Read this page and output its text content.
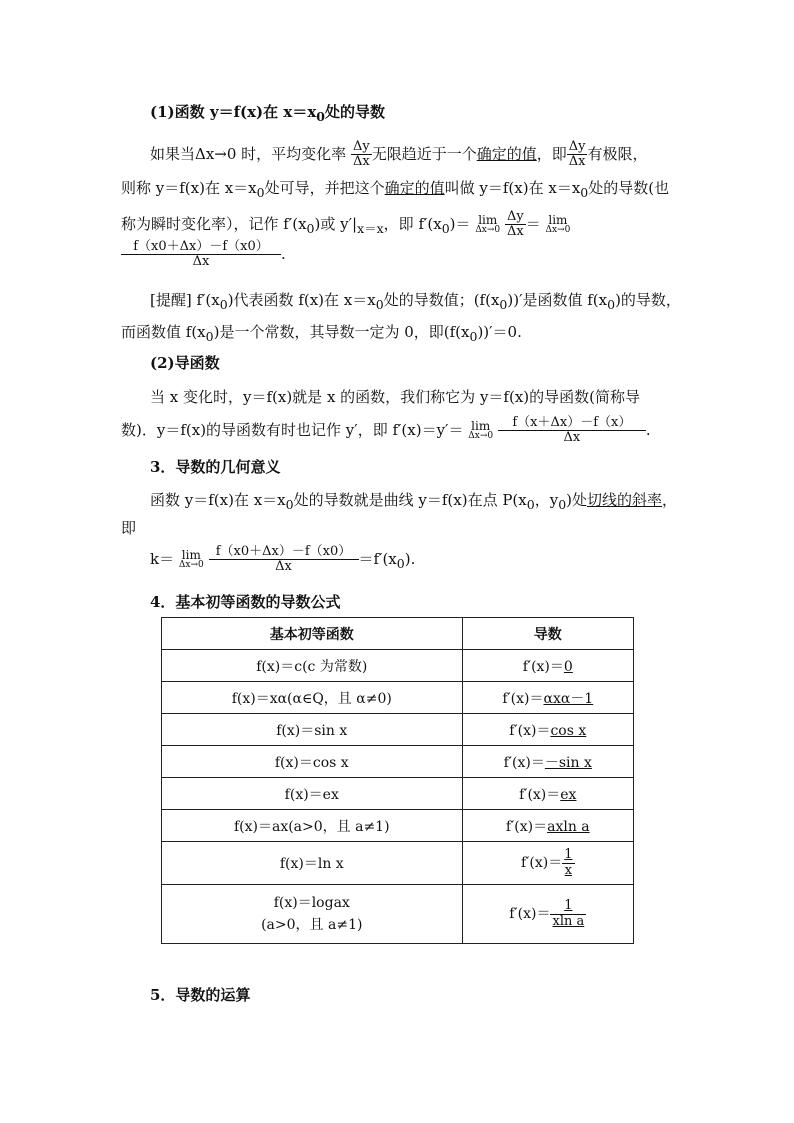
(1)函数 y＝f(x)在 $x=x_0$处的导数
如果当Δx→0 时，平均变化率 $\frac{\Delta y}{\Delta x}$ 无限趋近于一个确定的值，即 $\frac{\Delta y}{\Delta x}$ 有极限，
则称 y＝f(x)在 $x=x_0$处可导，并把这个确定的值叫做 y＝f(x)在 $x=x_0$处的导数(也
称为瞬时变化率），记作 $f'(x_0)$或 $y'|_{x=x}$，即 $f'(x_0)= \lim$
Δx→0
$\frac{\Delta y}{\Delta x} = \lim$
Δx→0
$\frac{f(x0+\Delta x)-f(x0)}{\Delta x}$ .
[提醒] $f'(x_0)$代表函数 f(x)在 $x=x_0$处的导数值；$(f(x_0))'$是函数值 $f(x_0)$的导数，
而函数值 $f(x_0)$是一个常数，其导数一定为 0，即$(f(x_0))'=0$.
(2)导函数
当 x 变化时，y＝f(x)就是 x 的函数，我们称它为 y＝f(x)的导函数(简称导
数)．y＝f(x)的导函数有时也记作 y′，即 f′(x)＝y′＝ lim
Δx→0
$\frac{f(x+\Delta x)-f(x)}{\Delta x}$ .
3．导数的几何意义
函数 y＝f(x)在 $x=x_0$处的导数就是曲线 y＝f(x)在点 $P(x_0$，$y_0$)处切线的斜率，
即
k＝ lim
Δx→0
$\frac{f(x0+\Delta x)-f(x0)}{\Delta x} =f'(x_0)$.
4．基本初等函数的导数公式
基本初等函数	导数
f(x)＝c(c 为常数)	f′(x)＝0
f(x)＝xα(α∈Q，且 α≠0)	f′(x)＝αxα－1
f(x)＝sin x	f′(x)＝cos x
f(x)＝cos x	f′(x)＝－sin x
f(x)＝ex	f′(x)＝ex
f(x)＝ax(a>0，且 a≠1)	f′(x)＝axln a
f(x)＝ln x	$f'(x)= \frac{1}{x}$

f(x)＝logax
(a>0，且 a≠1)	$f'(x)= \frac{1}{\text{xln a}}$
5．导数的运算
